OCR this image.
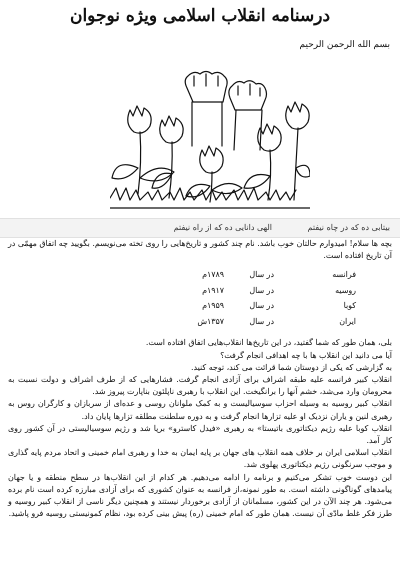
درسنامه انقلاب اسلامی ویژه نوجوان
بسم الله الرحمن الرحیم
بیتابی ده که در چاه نیفتم
الهی دانایی ده که از راه نیفتم

بچه ها سلام! امیدوارم حالتان خوب باشد. نام چند کشور و تاریخ‌هایی را روی تخته می‌نویسم. بگویید چه اتفاق مهمّی در آن تاریخ افتاده است.

فرانسه
در سال
۱۷۸۹م
روسیه
در سال
۱۹۱۷م
کوبا
در سال
۱۹۵۹م
ایران
در سال
۱۳۵۷ش

بلی، همان طور که شما گفتید، در این تاریخ‌ها انقلاب‌هایی اتفاق افتاده است.

آیا می دانید این انقلاب ها با چه اهدافی انجام گرفت؟

به گزارشی که یکی از دوستان شما قرائت می کند، توجه کنید.

انقلاب کبیر فرانسه علیه طبقه اشراف برای آزادی انجام گرفت. فشارهایی که از طرف اشراف و دولت نسبت به محرومان وارد می‌شد، خشم آنها را برانگیخت. این انقلاب با رهبری ناپلئون بناپارت پیروز شد.

انقلاب کبیر روسیه به وسیله احزاب سوسیالیست و به کمک ملوانان روسی و عده‌ای از سربازان و کارگران روس به رهبری لنین و یاران نزدیک او علیه تزارها انجام گرفت و به دوره سلطنت مطلقه تزارها پایان داد.

انقلاب کوبا علیه رژیم دیکتاتوری باتیستا» به رهبری «فیدل کاسترو» برپا شد و رژیم سوسیالیستی در آن کشور روی کار آمد.

انقلاب اسلامی ایران بر خلاف همه انقلاب های جهان بر پایه ایمان به خدا و رهبری امام خمینی و اتحاد مردم پایه گذاری و موجب سرنگونی رژیم دیکتاتوری پهلوی شد.

این دوست خوب تشکر می‌کنیم و برنامه را ادامه می‌دهیم. هر کدام از این انقلاب‌ها در سطح منطقه و یا جهان پیامدهای گوناگونی داشته است. به طور نمونه‌،از فرانسه به عنوان کشوری که برای آزادی مبارزه کرده است نام برده می‌شود. هر چند الآن در این کشور، مسلمانان از آزادی برخوردار نیستند و همچنین دیگر ناسی از انقلاب کبیر روسیه و طرز فکر غلط مادّی آن نیست. همان طور که امام خمینی (ره) پیش بینی کرده بود، نظام کمونیستی روسیه فرو پاشید.
